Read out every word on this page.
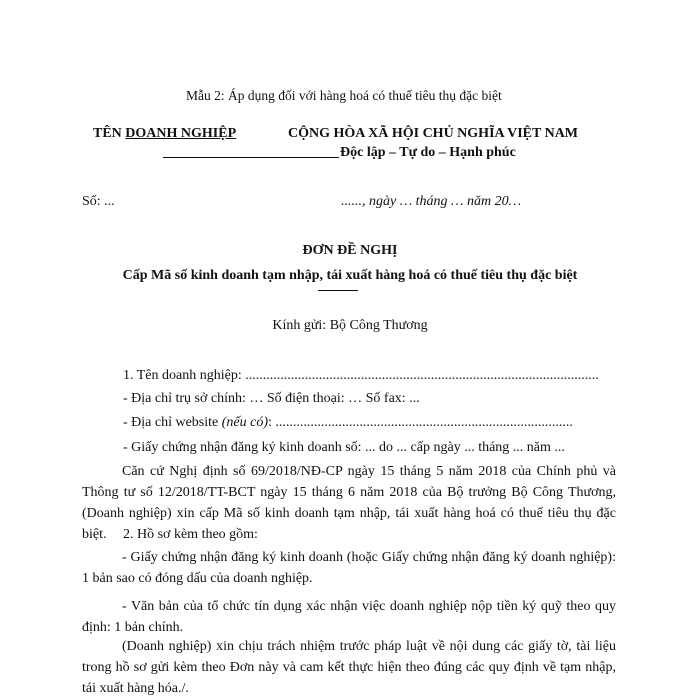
Mẫu 2: Áp dụng đối với hàng hoá có thuế tiêu thụ đặc biệt
TÊN DOANH NGHIỆP	CỘNG HÒA XÃ HỘI CHỦ NGHĨA VIỆT NAM
Độc lập – Tự do – Hạnh phúc
Số: ...	......, ngày … tháng … năm 20…
ĐƠN ĐỀ NGHỊ
Cấp Mã số kinh doanh tạm nhập, tái xuất hàng hoá có thuế tiêu thụ đặc biệt
Kính gửi: Bộ Công Thương
1. Tên doanh nghiệp: .....................................................................................................
- Địa chỉ trụ sở chính: … Số điện thoại: … Số fax: ...
- Địa chỉ website (nếu có): .....................................................................................
- Giấy chứng nhận đăng ký kinh doanh số: ... do ... cấp ngày ... tháng ... năm ...
Căn cứ Nghị định số 69/2018/NĐ-CP ngày 15 tháng 5 năm 2018 của Chính phủ và Thông tư số 12/2018/TT-BCT ngày 15 tháng 6 năm 2018 của Bộ trưởng Bộ Công Thương, (Doanh nghiệp) xin cấp Mã số kinh doanh tạm nhập, tái xuất hàng hoá có thuế tiêu thụ đặc biệt.	2. Hồ sơ kèm theo gồm:
- Giấy chứng nhận đăng ký kinh doanh (hoặc Giấy chứng nhận đăng ký doanh nghiệp): 1 bản sao có đóng dấu của doanh nghiệp.
- Văn bản của tổ chức tín dụng xác nhận việc doanh nghiệp nộp tiền ký quỹ theo quy định: 1 bản chính.
(Doanh nghiệp) xin chịu trách nhiệm trước pháp luật về nội dung các giấy tờ, tài liệu trong hồ sơ gửi kèm theo Đơn này và cam kết thực hiện theo đúng các quy định về tạm nhập, tái xuất hàng hóa./.
